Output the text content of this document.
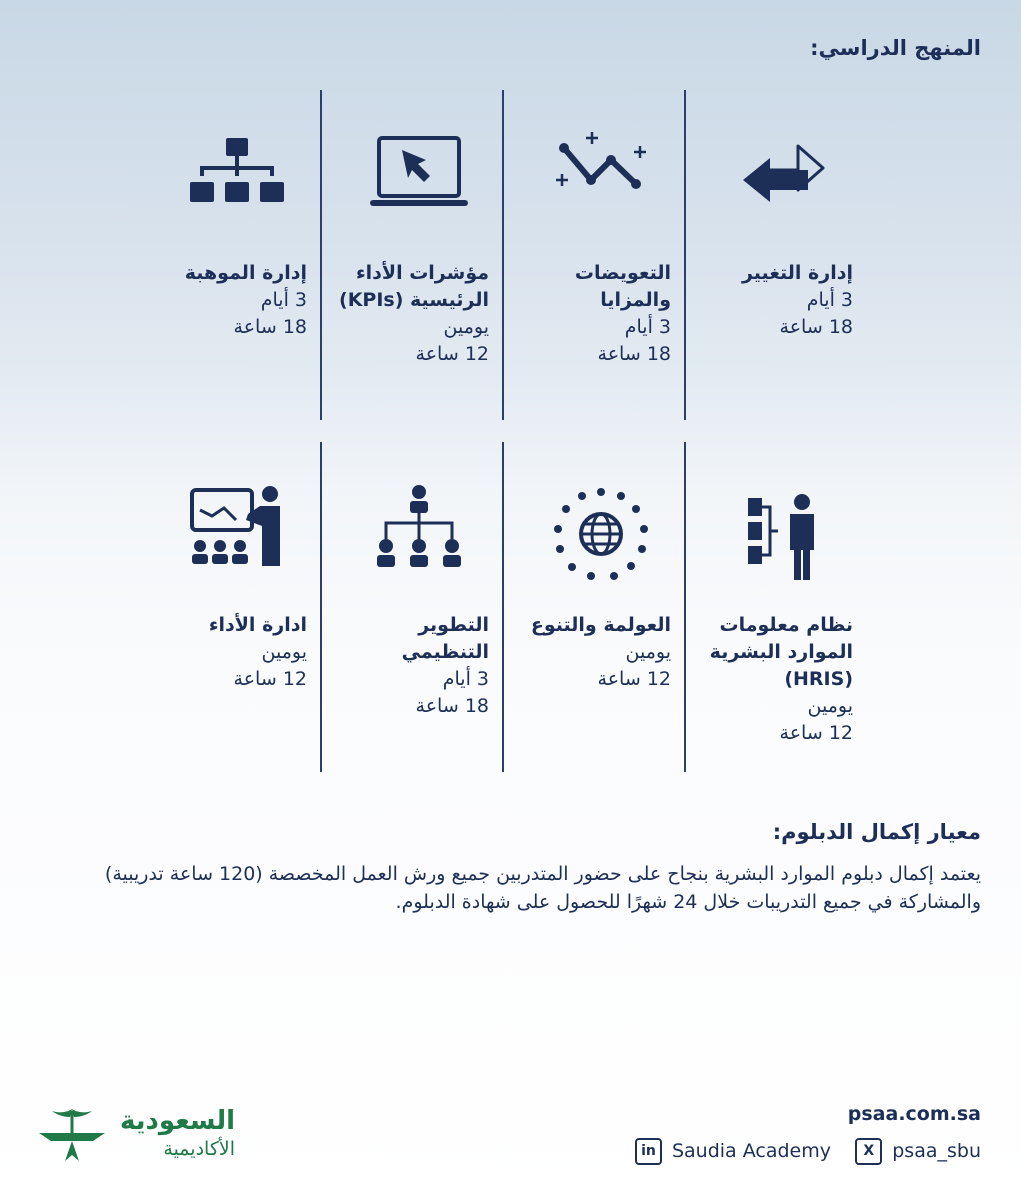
المنهج الدراسي:
إدارة التغيير
3 أيام
18 ساعة
التعويضات والمزايا
3 أيام
18 ساعة
مؤشرات الأداء الرئيسية (KPIs)
يومين
12 ساعة
إدارة الموهبة
3 أيام
18 ساعة
نظام معلومات الموارد البشرية (HRIS)
يومين
12 ساعة
العولمة والتنوع
يومين
12 ساعة
التطوير التنظيمي
3 أيام
18 ساعة
ادارة الأداء
يومين
12 ساعة
معيار إكمال الدبلوم:
يعتمد إكمال دبلوم الموارد البشرية بنجاح على حضور المتدربين جميع ورش العمل المخصصة (120 ساعة تدريبية) والمشاركة في جميع التدريبات خلال 24 شهرًا للحصول على شهادة الدبلوم.
psaa.com.sa
X psaa_sbu
in Saudia Academy
السعودية
الأكاديمية
